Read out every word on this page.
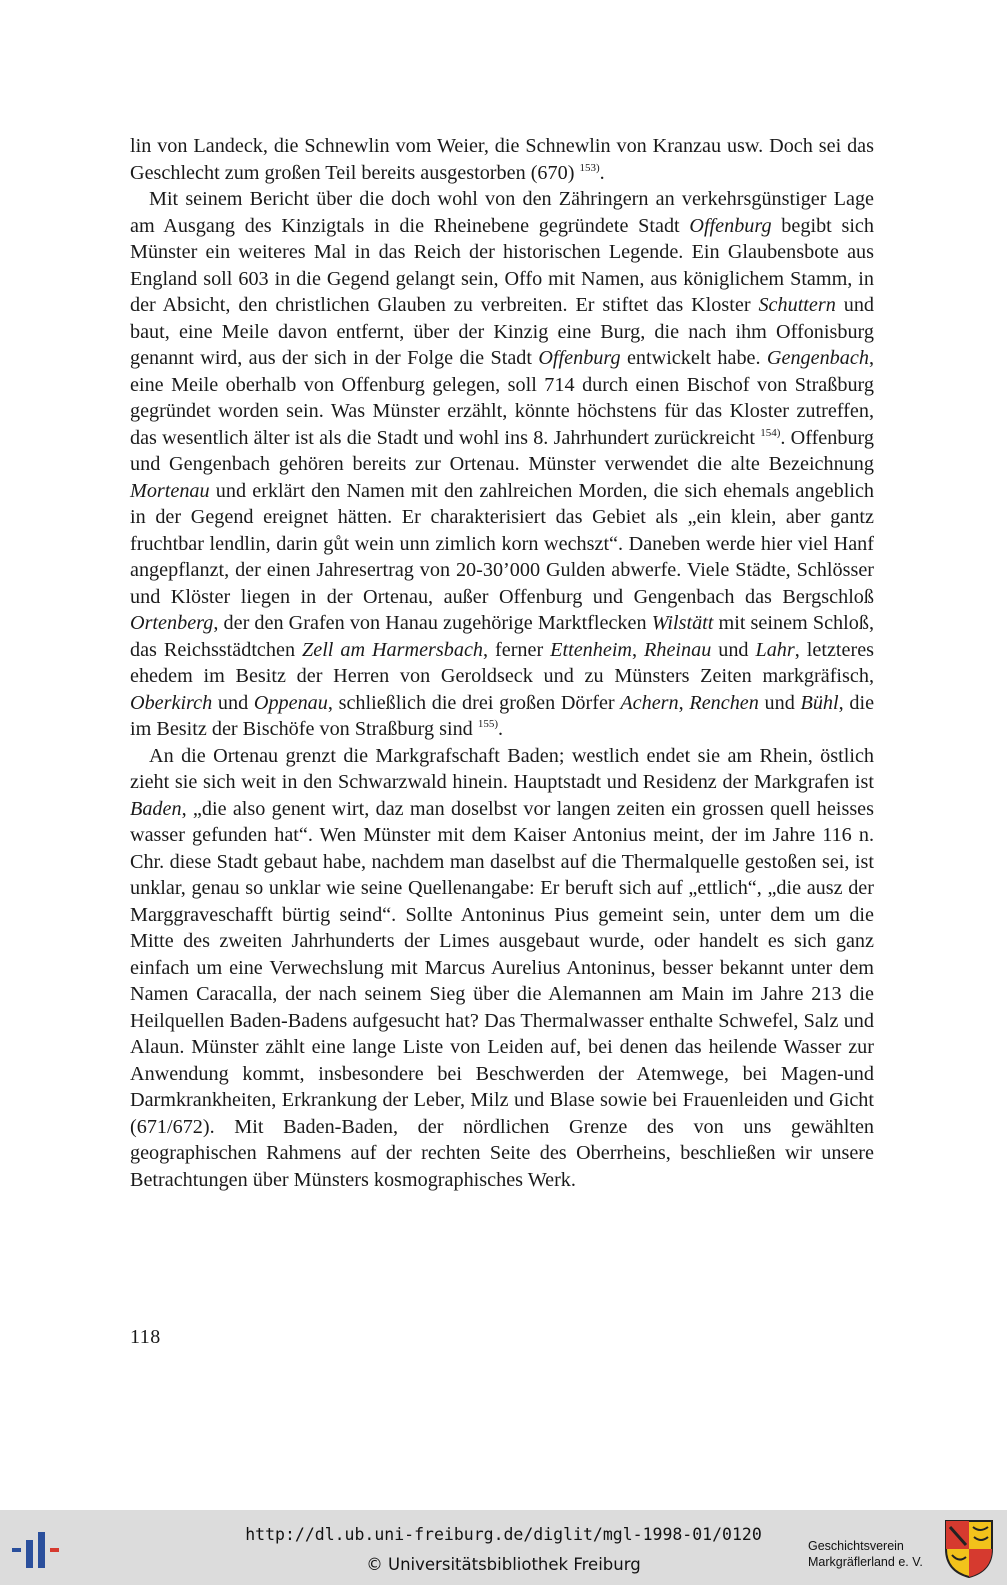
lin von Landeck, die Schnewlin vom Weier, die Schnewlin von Kranzau usw. Doch sei das Geschlecht zum großen Teil bereits ausgestorben (670) $^{153)}$.

Mit seinem Bericht über die doch wohl von den Zähringern an verkehrsgünstiger Lage am Ausgang des Kinzigtals in die Rheinebene gegründete Stadt Offenburg begibt sich Münster ein weiteres Mal in das Reich der historischen Legende. Ein Glaubensbote aus England soll 603 in die Gegend gelangt sein, Offo mit Namen, aus königlichem Stamm, in der Absicht, den christlichen Glauben zu verbreiten. Er stiftet das Kloster Schuttern und baut, eine Meile davon entfernt, über der Kinzig eine Burg, die nach ihm Offonisburg genannt wird, aus der sich in der Folge die Stadt Offenburg entwickelt habe. Gengenbach, eine Meile oberhalb von Offenburg gelegen, soll 714 durch einen Bischof von Straßburg gegründet worden sein. Was Münster erzählt, könnte höchstens für das Kloster zutreffen, das wesentlich älter ist als die Stadt und wohl ins 8. Jahrhundert zurückreicht $^{154)}$. Offenburg und Gengenbach gehören bereits zur Ortenau. Münster verwendet die alte Bezeichnung Mortenau und erklärt den Namen mit den zahlreichen Morden, die sich ehemals angeblich in der Gegend ereignet hätten. Er charakterisiert das Gebiet als „ein klein, aber gantz fruchtbar lendlin, darin gůt wein unn zimlich korn wechszt“. Daneben werde hier viel Hanf angepflanzt, der einen Jahresertrag von 20-30’000 Gulden abwerfe. Viele Städte, Schlösser und Klöster liegen in der Ortenau, außer Offenburg und Gengenbach das Bergschloß Ortenberg, der den Grafen von Hanau zugehörige Marktflecken Wilstätt mit seinem Schloß, das Reichsstädtchen Zell am Harmersbach, ferner Ettenheim, Rheinau und Lahr, letzteres ehedem im Besitz der Herren von Geroldseck und zu Münsters Zeiten markgräfisch, Oberkirch und Oppenau, schließlich die drei großen Dörfer Achern, Renchen und Bühl, die im Besitz der Bischöfe von Straßburg sind $^{155)}$.

An die Ortenau grenzt die Markgrafschaft Baden; westlich endet sie am Rhein, östlich zieht sie sich weit in den Schwarzwald hinein. Hauptstadt und Residenz der Markgrafen ist Baden, „die also genent wirt, daz man doselbst vor langen zeiten ein grossen quell heisses wasser gefunden hat“. Wen Münster mit dem Kaiser Antonius meint, der im Jahre 116 n. Chr. diese Stadt gebaut habe, nachdem man daselbst auf die Thermalquelle gestoßen sei, ist unklar, genau so unklar wie seine Quellenangabe: Er beruft sich auf „ettlich“, „die ausz der Marggraveschafft bürtig seind“. Sollte Antoninus Pius gemeint sein, unter dem um die Mitte des zweiten Jahrhunderts der Limes ausgebaut wurde, oder handelt es sich ganz einfach um eine Verwechslung mit Marcus Aurelius Antoninus, besser bekannt unter dem Namen Caracalla, der nach seinem Sieg über die Alemannen am Main im Jahre 213 die Heilquellen Baden-Badens aufgesucht hat? Das Thermalwasser enthalte Schwefel, Salz und Alaun. Münster zählt eine lange Liste von Leiden auf, bei denen das heilende Wasser zur Anwendung kommt, insbesondere bei Beschwerden der Atemwege, bei Magen-und Darmkrankheiten, Erkrankung der Leber, Milz und Blase sowie bei Frauenleiden und Gicht (671/672). Mit Baden-Baden, der nördlichen Grenze des von uns gewählten geographischen Rahmens auf der rechten Seite des Oberrheins, beschließen wir unsere Betrachtungen über Münsters kosmographisches Werk.

118
http://dl.ub.uni-freiburg.de/diglit/mgl-1998-01/0120
© Universitätsbibliothek Freiburg
Geschichtsverein
Markgräflerland e. V.
